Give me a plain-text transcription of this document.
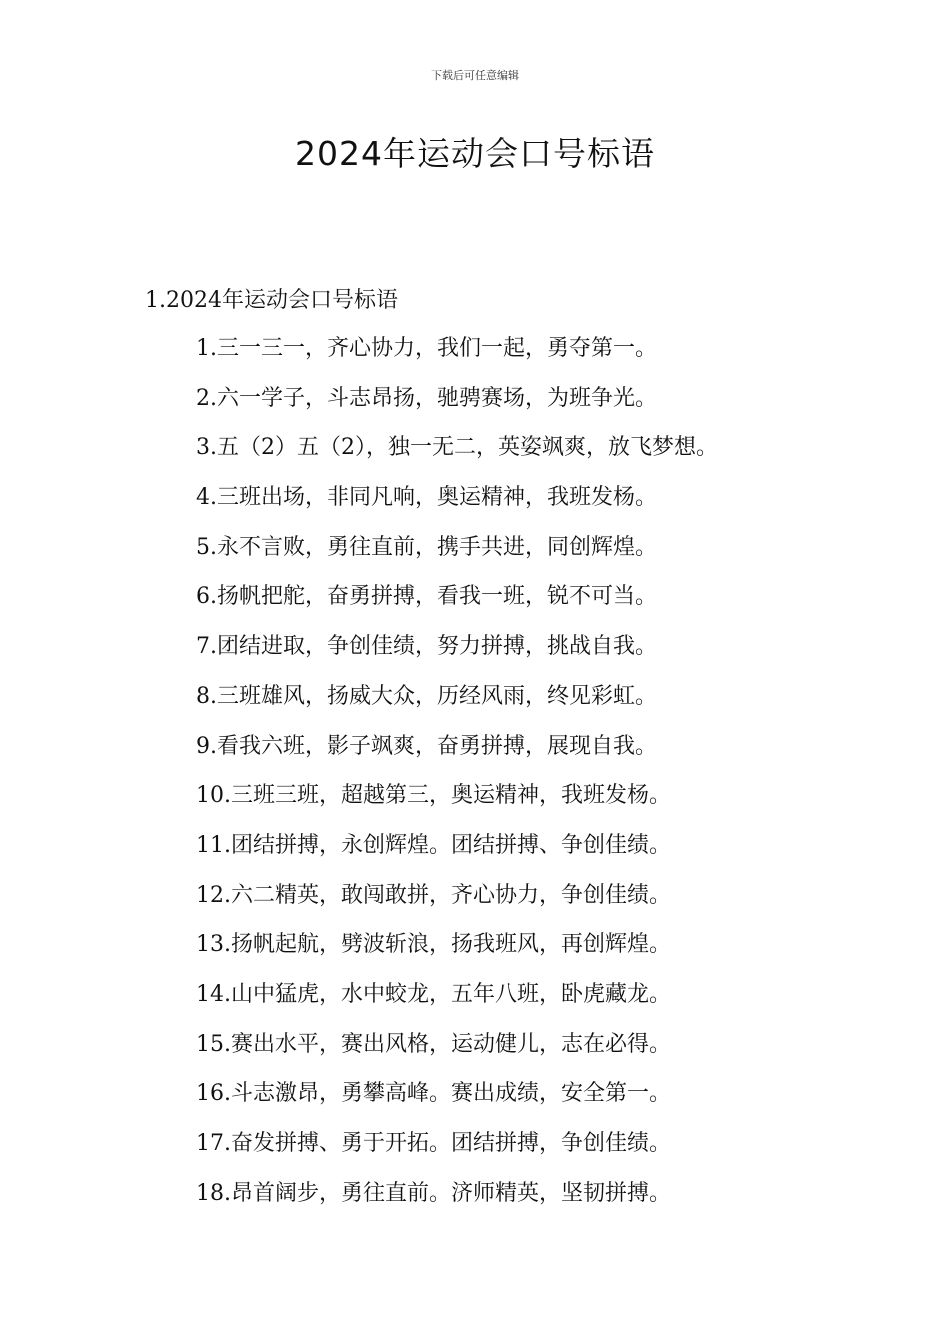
下载后可任意编辑
2024年运动会口号标语
1.2024年运动会口号标语
1.三一三一，齐心协力，我们一起，勇夺第一。
2.六一学子，斗志昂扬，驰骋赛场，为班争光。
3.五（2）五（2），独一无二，英姿飒爽，放飞梦想。
4.三班出场，非同凡响，奥运精神，我班发杨。
5.永不言败，勇往直前，携手共进，同创辉煌。
6.扬帆把舵，奋勇拼搏，看我一班，锐不可当。
7.团结进取，争创佳绩，努力拼搏，挑战自我。
8.三班雄风，扬威大众，历经风雨，终见彩虹。
9.看我六班，影子飒爽，奋勇拼搏，展现自我。
10.三班三班，超越第三，奥运精神，我班发杨。
11.团结拼搏，永创辉煌。团结拼搏、争创佳绩。
12.六二精英，敢闯敢拼，齐心协力，争创佳绩。
13.扬帆起航，劈波斩浪，扬我班风，再创辉煌。
14.山中猛虎，水中蛟龙，五年八班，卧虎藏龙。
15.赛出水平，赛出风格，运动健儿，志在必得。
16.斗志激昂，勇攀高峰。赛出成绩，安全第一。
17.奋发拼搏、勇于开拓。团结拼搏，争创佳绩。
18.昂首阔步，勇往直前。济师精英，坚韧拼搏。
